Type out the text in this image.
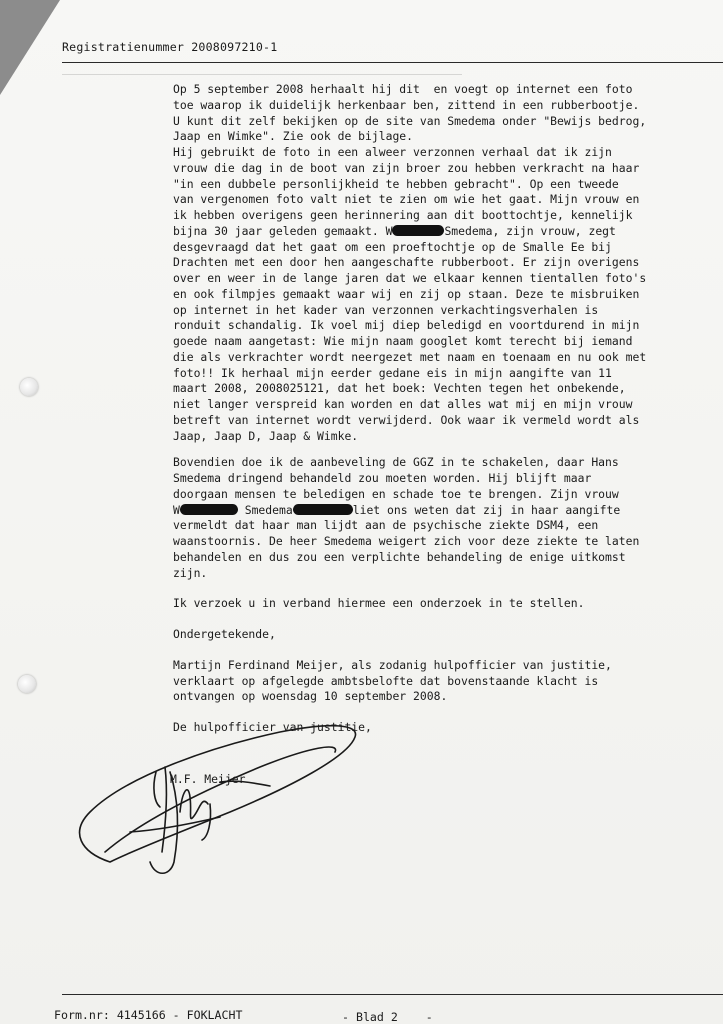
Registratienummer 2008097210-1

Op 5 september 2008 herhaalt hij dit  en voegt op internet een foto
toe waarop ik duidelijk herkenbaar ben, zittend in een rubberbootje.
U kunt dit zelf bekijken op de site van Smedema onder "Bewijs bedrog,
Jaap en Wimke". Zie ook de bijlage.
Hij gebruikt de foto in een alweer verzonnen verhaal dat ik zijn
vrouw die dag in de boot van zijn broer zou hebben verkracht na haar
"in een dubbele personlijkheid te hebben gebracht". Op een tweede
van vergenomen foto valt niet te zien om wie het gaat. Mijn vrouw en
ik hebben overigens geen herinnering aan dit boottochtje, kennelijk
bijna 30 jaar geleden gemaakt. W	Smedema, zijn vrouw, zegt
desgevraagd dat het gaat om een proeftochtje op de Smalle Ee bij
Drachten met een door hen aangeschafte rubberboot. Er zijn overigens
over en weer in de lange jaren dat we elkaar kennen tientallen foto's
en ook filmpjes gemaakt waar wij en zij op staan. Deze te misbruiken
op internet in het kader van verzonnen verkachtingsverhalen is
ronduit schandalig. Ik voel mij diep beledigd en voortdurend in mijn
goede naam aangetast: Wie mijn naam googlet komt terecht bij iemand
die als verkrachter wordt neergezet met naam en toenaam en nu ook met
foto!! Ik herhaal mijn eerder gedane eis in mijn aangifte van 11
maart 2008, 2008025121, dat het boek: Vechten tegen het onbekende,
niet langer verspreid kan worden en dat alles wat mij en mijn vrouw
betreft van internet wordt verwijderd. Ook waar ik vermeld wordt als
Jaap, Jaap D, Jaap & Wimke.

Bovendien doe ik de aanbeveling de GGZ in te schakelen, daar Hans
Smedema dringend behandeld zou moeten worden. Hij blijft maar
doorgaan mensen te beledigen en schade toe te brengen. Zijn vrouw
W	Smedema	liet ons weten dat zij in haar aangifte
vermeldt dat haar man lijdt aan de psychische ziekte DSM4, een
waanstoornis. De heer Smedema weigert zich voor deze ziekte te laten
behandelen en dus zou een verplichte behandeling de enige uitkomst
zijn.

Ik verzoek u in verband hiermee een onderzoek in te stellen.

Ondergetekende,

Martijn Ferdinand Meijer, als zodanig hulpofficier van justitie,
verklaart op afgelegde ambtsbelofte dat bovenstaande klacht is
ontvangen op woensdag 10 september 2008.

De hulpofficier van justitie,

M.F. Meijer
Form.nr: 4145166 - FOKLACHT	- Blad 2    -
